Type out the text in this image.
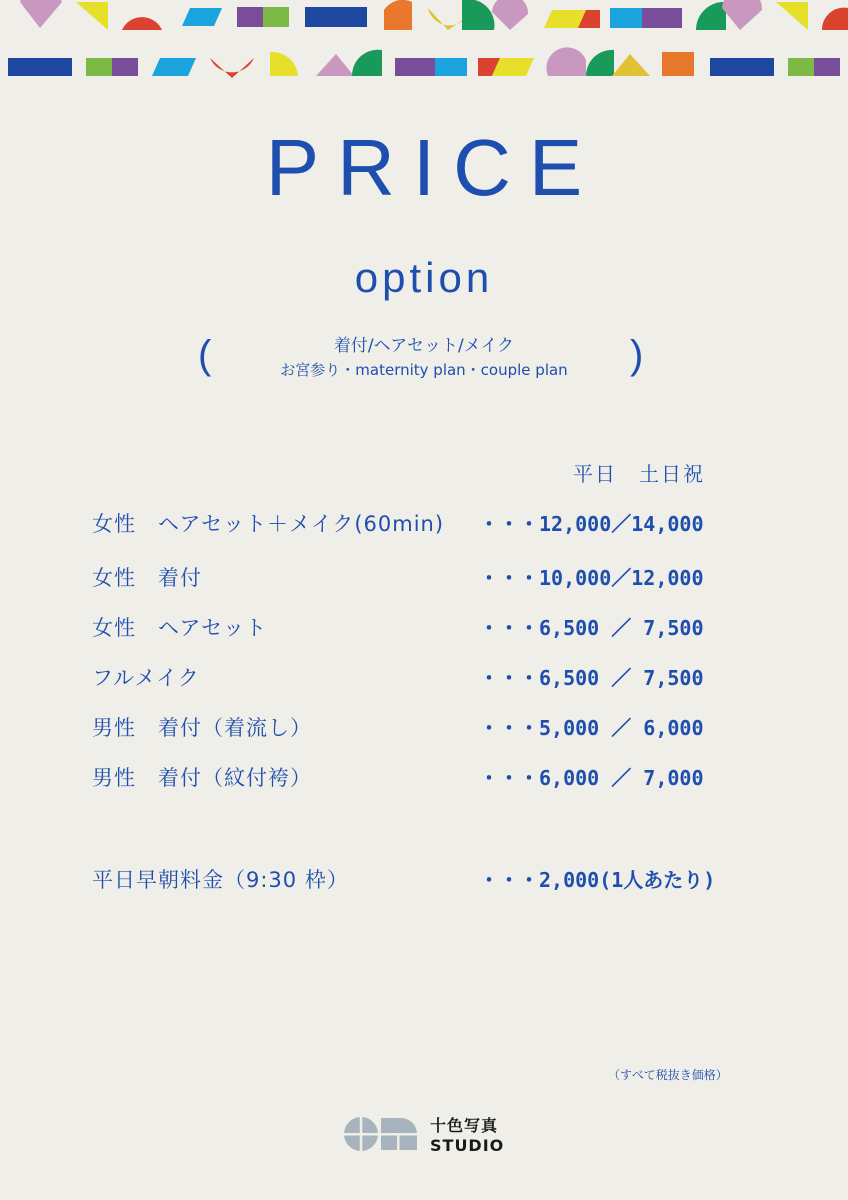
PRICE
option
(	)
着付/ヘアセット/メイク
お宮参り・maternity plan・couple plan
平日 土日祝
女性　ヘアセット＋メイク(60min) ・・・12,000／14,000
女性　着付	・・・10,000／12,000
女性　ヘアセット	・・・6,500 ／ 7,500
フルメイク	・・・6,500 ／ 7,500
男性　着付（着流し）	・・・5,000 ／ 6,000
男性　着付（紋付袴）	・・・6,000 ／ 7,000
平日早朝料金（9:30 枠）	・・・2,000(1人あたり)
（すべて税抜き価格）
十色写真
STUDIO
